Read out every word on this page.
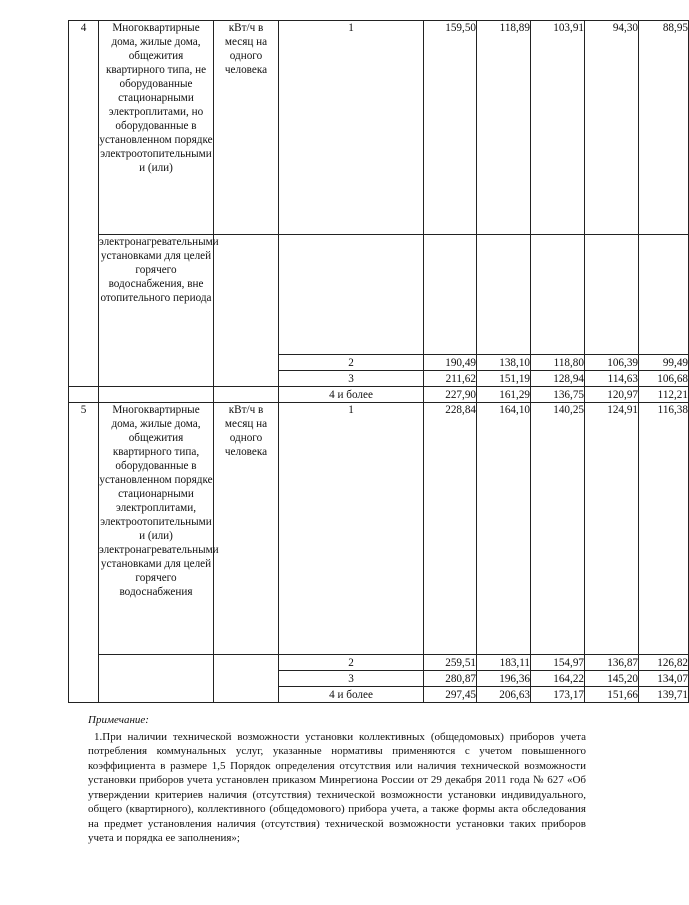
4	Многоквартирные дома, жилые дома, общежития квартирного типа, не оборудованные стационарными электроплитами, но оборудованные в установленном порядке электроотопительными и (или)	кВт/ч в месяц на одного человека	1	159,50	118,89	103,91	94,30	88,95
	электронагревательными установками для целей горячего водоснабжения, вне отопительного периода							
			2	190,49	138,10	118,80	106,39	99,49
			3	211,62	151,19	128,94	114,63	106,68
			4 и более	227,90	161,29	136,75	120,97	112,21
5	Многоквартирные дома, жилые дома, общежития квартирного типа, оборудованные в установленном порядке стационарными электроплитами, электроотопительными и (или) электронагревательными установками для целей горячего водоснабжения	кВт/ч в месяц на одного человека	1	228,84	164,10	140,25	124,91	116,38
			2	259,51	183,11	154,97	136,87	126,82
			3	280,87	196,36	164,22	145,20	134,07
			4 и более	297,45	206,63	173,17	151,66	139,71
Примечание:
1.При наличии технической возможности установки коллективных (общедомовых) приборов учета потребления коммунальных услуг, указанные нормативы применяются с учетом повышенного коэффициента в размере 1,5 Порядок определения отсутствия или наличия технической возможности установки приборов учета установлен приказом Минрегиона России от 29 декабря 2011 года № 627 «Об утверждении критериев наличия (отсутствия) технической возможности установки индивидуального, общего (квартирного), коллективного (общедомового) прибора учета, а также формы акта обследования на предмет установления наличия (отсутствия) технической возможности установки таких приборов учета и порядка ее заполнения»;
